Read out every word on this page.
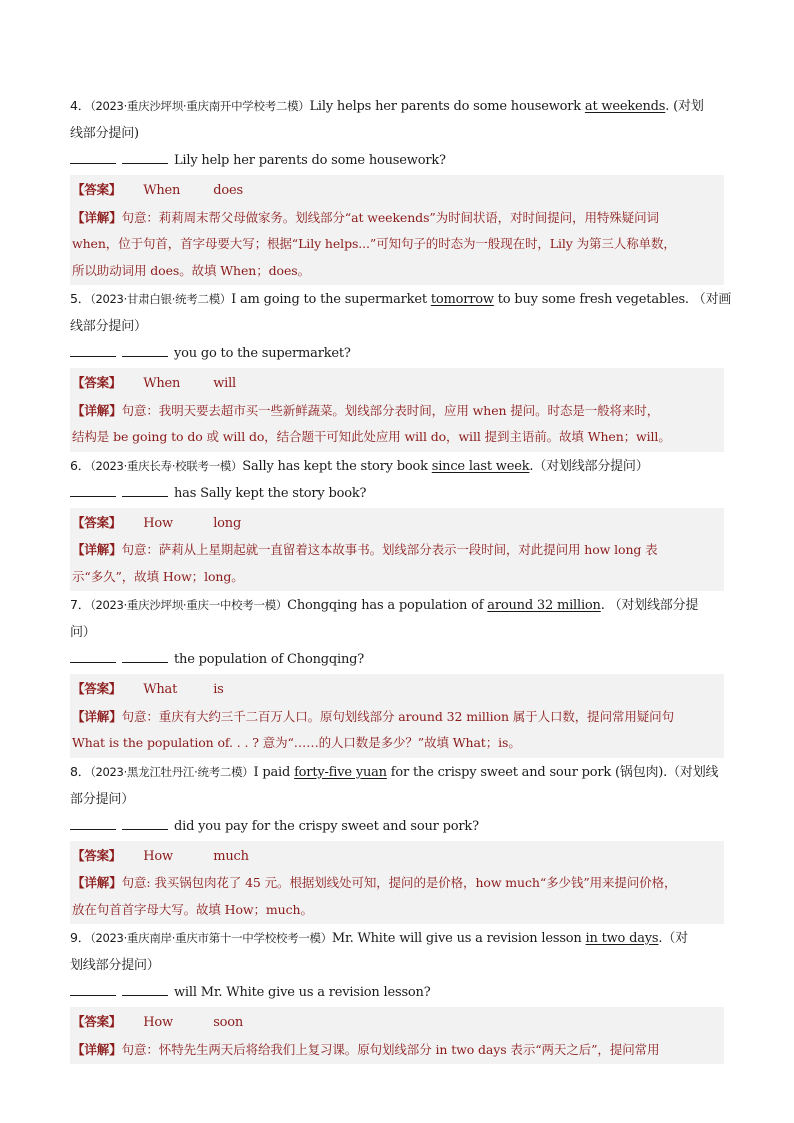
4．（2023·重庆沙坪坝·重庆南开中学校考二模）Lily helps her parents do some housework at weekends. (对划
线部分提问)
Lily help her parents do some housework?
【答案】 When	does
【详解】句意：莉莉周末帮父母做家务。划线部分“at weekends”为时间状语，对时间提问，用特殊疑问词
when，位于句首，首字母要大写；根据“Lily helps...”可知句子的时态为一般现在时，Lily 为第三人称单数，
所以助动词用 does。故填 When；does。
5．（2023·甘肃白银·统考二模）I am going to the supermarket tomorrow to buy some fresh vegetables. （对画
线部分提问）
you go to the supermarket?
【答案】 When	will
【详解】句意：我明天要去超市买一些新鲜蔬菜。划线部分表时间，应用 when 提问。时态是一般将来时，
结构是 be going to do 或 will do，结合题干可知此处应用 will do，will 提到主语前。故填 When；will。
6．（2023·重庆长寿·校联考一模）Sally has kept the story book since last week.（对划线部分提问）
has Sally kept the story book?
【答案】 How	long
【详解】句意：萨莉从上星期起就一直留着这本故事书。划线部分表示一段时间，对此提问用 how long 表
示“多久”，故填 How；long。
7．（2023·重庆沙坪坝·重庆一中校考一模）Chongqing has a population of around 32 million. （对划线部分提
问）
the population of Chongqing?
【答案】 What	is
【详解】句意：重庆有大约三千二百万人口。原句划线部分 around 32 million 属于人口数，提问常用疑问句
What is the population of. . . ? 意为“……的人口数是多少？”故填 What；is。
8．（2023·黑龙江牡丹江·统考二模）I paid forty-five yuan for the crispy sweet and sour pork (锅包肉).（对划线
部分提问）
did you pay for the crispy sweet and sour pork?
【答案】 How	much
【详解】句意: 我买锅包肉花了 45 元。根据划线处可知，提问的是价格，how much“多少钱”用来提问价格，
放在句首首字母大写。故填 How；much。
9．（2023·重庆南岸·重庆市第十一中学校校考一模）Mr. White will give us a revision lesson in two days.（对
划线部分提问）
will Mr. White give us a revision lesson?
【答案】 How	soon
【详解】句意：怀特先生两天后将给我们上复习课。原句划线部分 in two days 表示“两天之后”，提问常用
